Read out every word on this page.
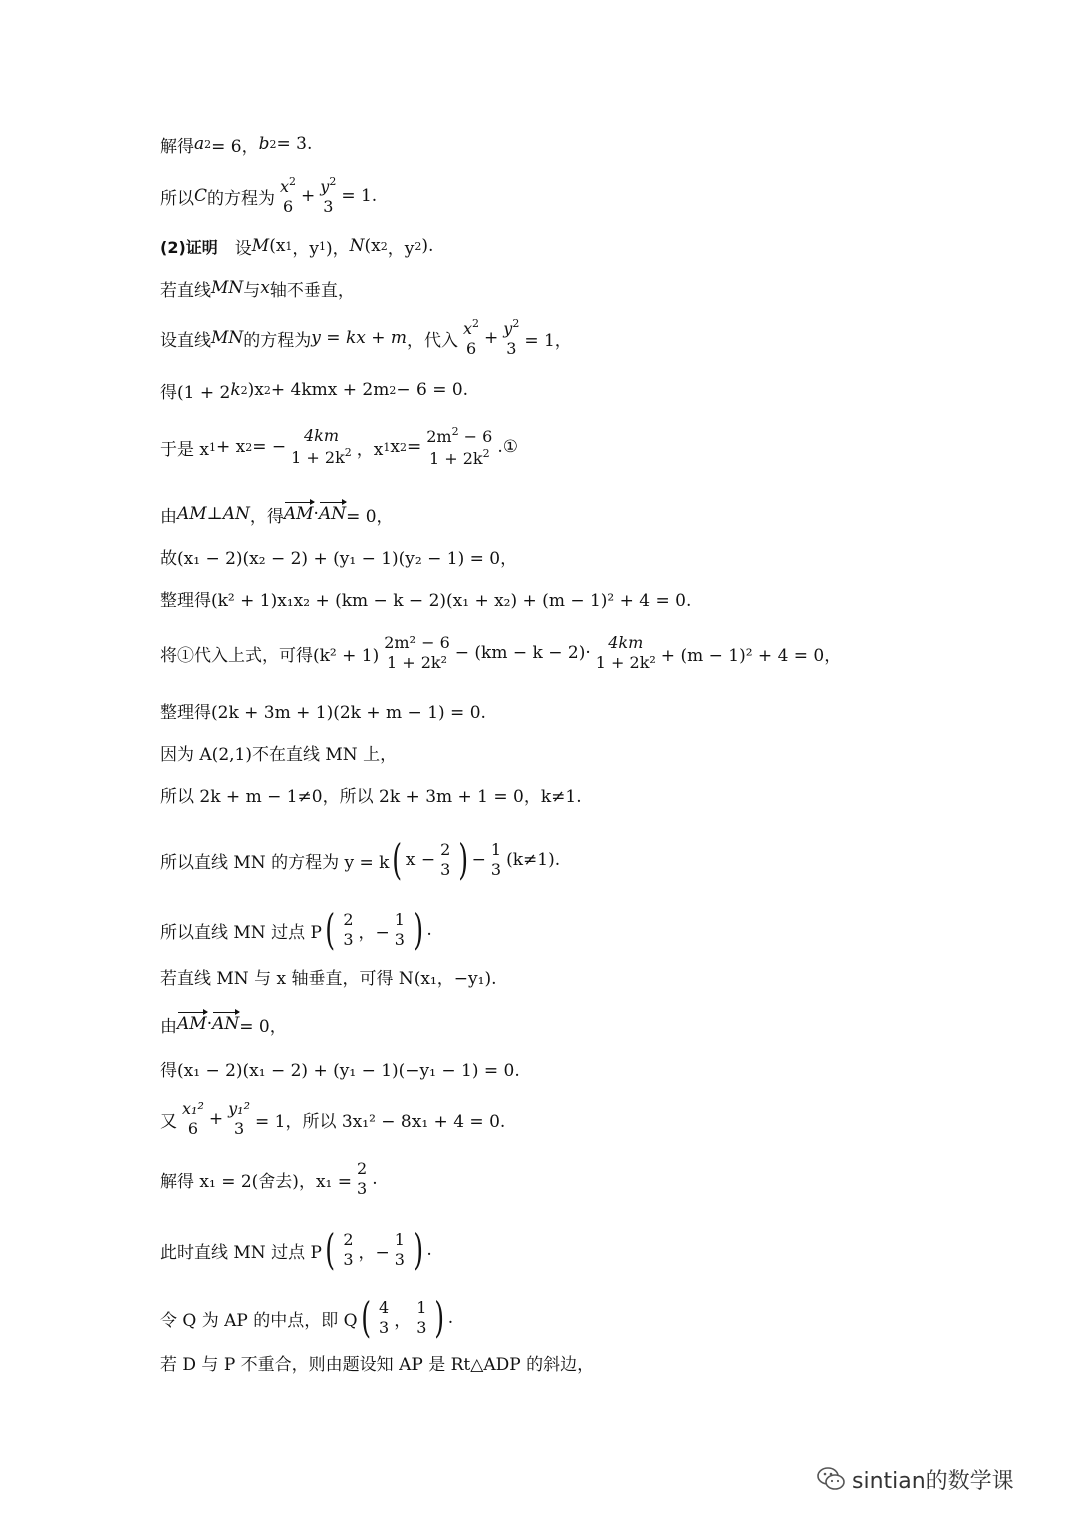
解得 a 2 = 6， b 2 = 3.
所以 C 的方程为
$x^2$
$6 + y^2$
3 = 1.
(2)证明 　设 M (x 1 ，y 1 )， N (x 2 ，y 2 ).
若直线 MN 与 x 轴不垂直，
设直线 MN 的方程为 y = kx + m ，代入
$x^2$
$6 + y^2$
3 = 1，
得(1 + 2 k 2 )x 2 + 4kmx + 2m 2 − 6 = 0.
于是 x 1 + x 2 = −
4km
$1 + 2k^2$ ，x 1 x 2 =
$2m^2 - 6$
$1 + 2k^2$ . ①
由 AM ⊥ AN ，得 AM · AN = 0，
故(x₁ − 2)(x₂ − 2) + (y₁ − 1)(y₂ − 1) = 0，
整理得(k² + 1)x₁x₂ + (km − k − 2)(x₁ + x₂) + (m − 1)² + 4 = 0.
将①代入上式，可得(k² + 1)
2m² − 6
1 + 2k² − (km − k − 2)·
4km
1 + 2k² + (m − 1)² + 4 = 0，
整理得(2k + 3m + 1)(2k + m − 1) = 0.
因为 A(2,1)不在直线 MN 上，
所以 2k + m − 1≠0，所以 2k + 3m + 1 = 0，k≠1.
所以直线 MN 的方程为 y = k ( x −
2
3 ) −
1
3 (k≠1).
所以直线 MN 过点 P ( 2
3 ，−
1
3 ) .
若直线 MN 与 x 轴垂直，可得 N(x₁，−y₁).
由 AM · AN = 0，
得(x₁ − 2)(x₁ − 2) + (y₁ − 1)(−y₁ − 1) = 0.
又
x₁²
6 +
y₁²
3 = 1，所以 3x₁² − 8x₁ + 4 = 0.
解得 x₁ = 2(舍去)，x₁ =
2
3 .
此时直线 MN 过点 P ( 2
3 ，−
1
3 ) .
令 Q 为 AP 的中点，即 Q ( 4
3 ，
1
3 ) .
若 D 与 P 不重合，则由题设知 AP 是 Rt△ADP 的斜边，
sintian的数学课
